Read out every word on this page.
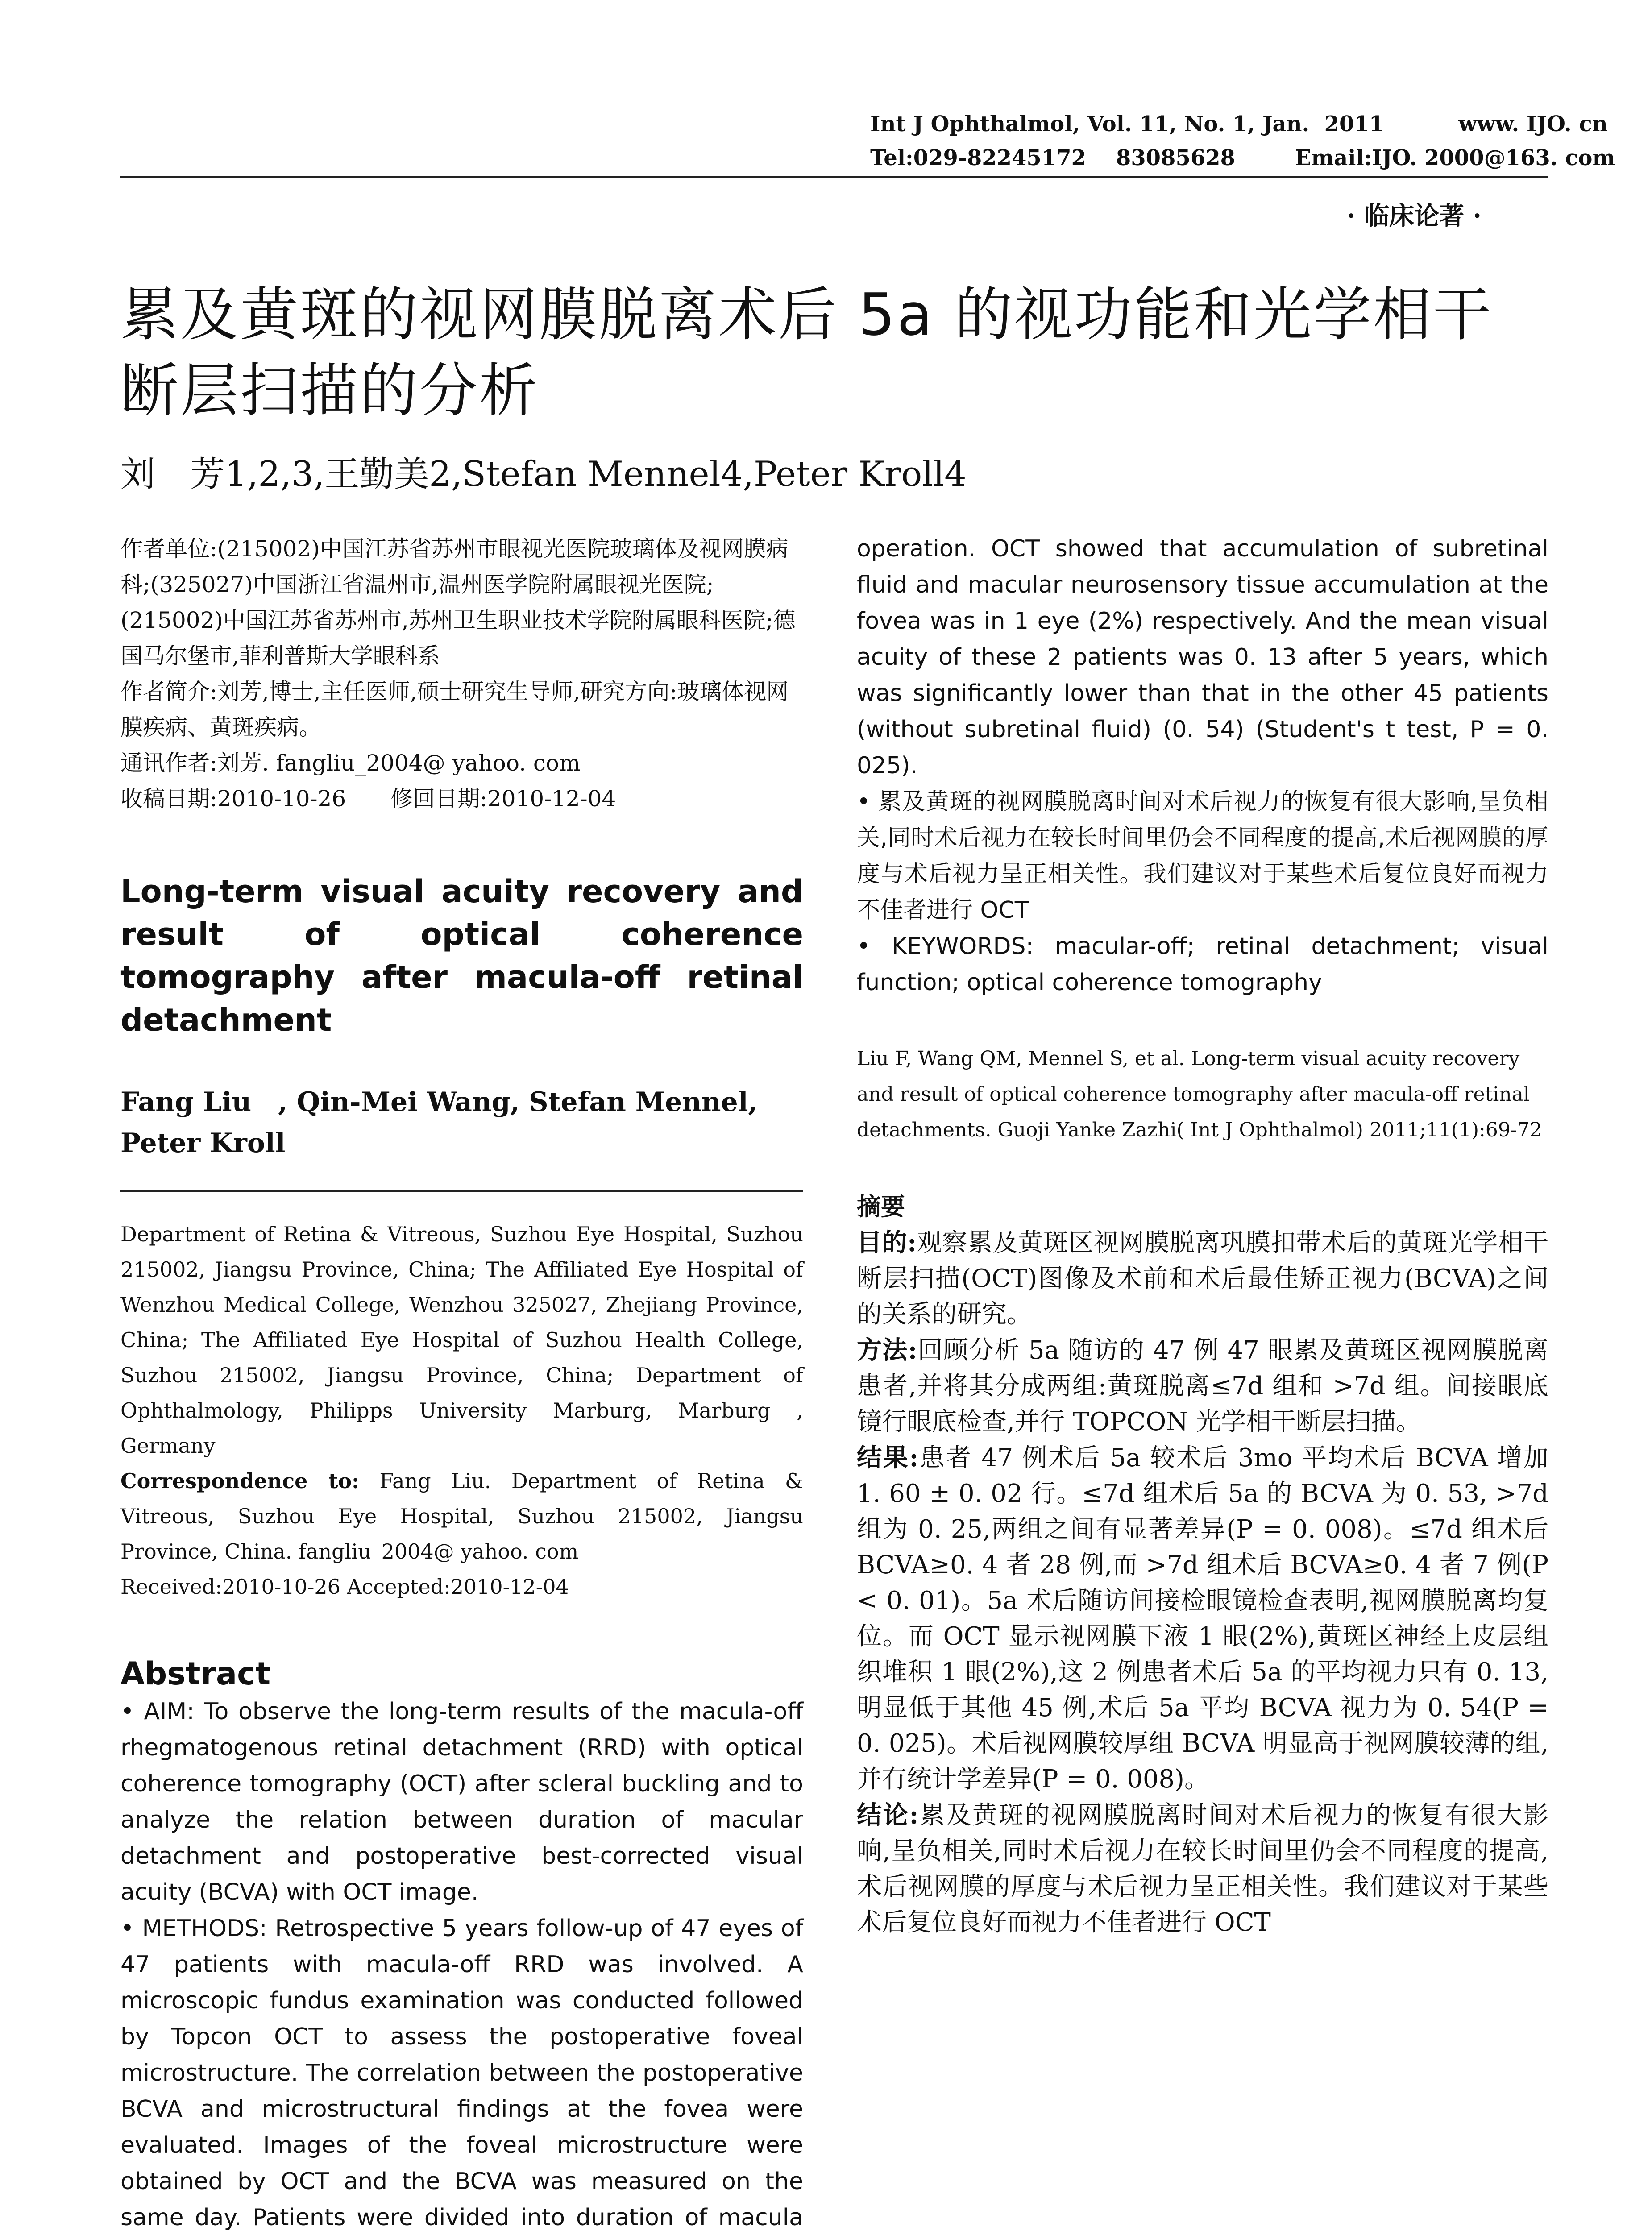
Int J Ophthalmol, Vol. 11, No. 1, Jan.  2011	www. IJO. cn
Tel:029-82245172    83085628	Email:IJO. 2000@163. com
· 临床论著 ·
累及黄斑的视网膜脱离术后 5a 的视功能和光学相干断层扫描的分析
刘　芳1,2,3,王勤美2,Stefan Mennel4,Peter Kroll4

作者单位:(215002)中国江苏省苏州市眼视光医院玻璃体及视网膜病科;(325027)中国浙江省温州市,温州医学院附属眼视光医院;(215002)中国江苏省苏州市,苏州卫生职业技术学院附属眼科医院;德国马尔堡市,菲利普斯大学眼科系

作者简介:刘芳,博士,主任医师,硕士研究生导师,研究方向:玻璃体视网膜疾病、黄斑疾病。

通讯作者:刘芳. fangliu_2004@ yahoo. com

收稿日期:2010-10-26　　修回日期:2010-12-04

Long-term visual acuity recovery and result of optical coherence tomography after macula-off retinal detachment
Fang Liu　, Qin-Mei Wang, Stefan Mennel, Peter Kroll

Department of Retina & Vitreous, Suzhou Eye Hospital, Suzhou 215002, Jiangsu Province, China; The Affiliated Eye Hospital of Wenzhou Medical College, Wenzhou 325027, Zhejiang Province, China; The Affiliated Eye Hospital of Suzhou Health College, Suzhou 215002, Jiangsu Province, China; Department of Ophthalmology, Philipps University Marburg, Marburg , Germany

Correspondence to: Fang Liu. Department of Retina & Vitreous, Suzhou Eye Hospital, Suzhou 215002, Jiangsu Province, China. fangliu_2004@ yahoo. com

Received:2010-10-26 Accepted:2010-12-04

Abstract

• AIM: To observe the long-term results of the macula-off rhegmatogenous retinal detachment (RRD) with optical coherence tomography (OCT) after scleral buckling and to analyze the relation between duration of macular detachment and postoperative best-corrected visual acuity (BCVA) with OCT image.

• METHODS: Retrospective 5 years follow-up of 47 eyes of 47 patients with macula-off RRD was involved. A microscopic fundus examination was conducted followed by Topcon OCT to assess the postoperative foveal microstructure. The correlation between the postoperative BCVA and microstructural findings at the fovea were evaluated. Images of the foveal microstructure were obtained by OCT and the BCVA was measured on the same day. Patients were divided into duration of macula

operation. OCT showed that accumulation of subretinal fluid and macular neurosensory tissue accumulation at the fovea was in 1 eye (2%) respectively. And the mean visual acuity of these 2 patients was 0. 13 after 5 years, which was significantly lower than that in the other 45 patients (without subretinal fluid) (0. 54) (Student's t test, P = 0. 025).

• 累及黄斑的视网膜脱离时间对术后视力的恢复有很大影响,呈负相关,同时术后视力在较长时间里仍会不同程度的提高,术后视网膜的厚度与术后视力呈正相关性。我们建议对于某些术后复位良好而视力不佳者进行 OCT

• KEYWORDS: macular-off; retinal detachment; visual function; optical coherence tomography

Liu F, Wang QM, Mennel S, et al. Long-term visual acuity recovery and result of optical coherence tomography after macula-off retinal detachments. Guoji Yanke Zazhi( Int J Ophthalmol) 2011;11(1):69-72

摘要

目的:观察累及黄斑区视网膜脱离巩膜扣带术后的黄斑光学相干断层扫描(OCT)图像及术前和术后最佳矫正视力(BCVA)之间的关系的研究。

方法:回顾分析 5a 随访的 47 例 47 眼累及黄斑区视网膜脱离患者,并将其分成两组:黄斑脱离≤7d 组和 >7d 组。间接眼底镜行眼底检查,并行 TOPCON 光学相干断层扫描。

结果:患者 47 例术后 5a 较术后 3mo 平均术后 BCVA 增加 1. 60 ± 0. 02 行。≤7d 组术后 5a 的 BCVA 为 0. 53, >7d 组为 0. 25,两组之间有显著差异(P = 0. 008)。≤7d 组术后 BCVA≥0. 4 者 28 例,而 >7d 组术后 BCVA≥0. 4 者 7 例(P < 0. 01)。5a 术后随访间接检眼镜检查表明,视网膜脱离均复位。而 OCT 显示视网膜下液 1 眼(2%),黄斑区神经上皮层组织堆积 1 眼(2%),这 2 例患者术后 5a 的平均视力只有 0. 13,明显低于其他 45 例,术后 5a 平均 BCVA 视力为 0. 54(P = 0. 025)。术后视网膜较厚组 BCVA 明显高于视网膜较薄的组,并有统计学差异(P = 0. 008)。

结论:累及黄斑的视网膜脱离时间对术后视力的恢复有很大影响,呈负相关,同时术后视力在较长时间里仍会不同程度的提高,术后视网膜的厚度与术后视力呈正相关性。我们建议对于某些术后复位良好而视力不佳者进行 OCT
